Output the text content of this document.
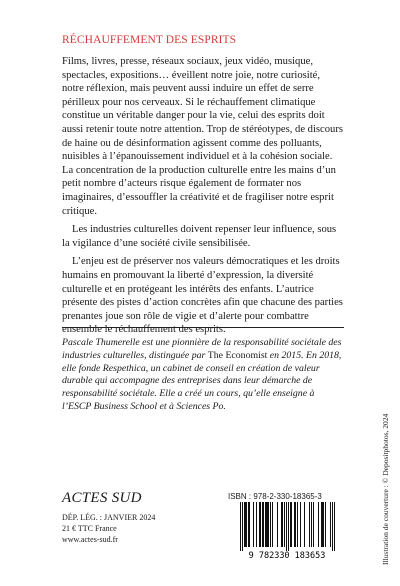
RÉCHAUFFEMENT DES ESPRITS

Films, livres, presse, réseaux sociaux, jeux vidéo, musique, spectacles, expositions… éveillent notre joie, notre curiosité, notre réflexion, mais peuvent aussi induire un effet de serre périlleux pour nos cerveaux. Si le réchauffement climatique constitue un véritable danger pour la vie, celui des esprits doit aussi retenir toute notre attention. Trop de stéréotypes, de discours de haine ou de désinformation agissent comme des polluants, nuisibles à l’épanouissement individuel et à la cohésion sociale. La concentration de la production culturelle entre les mains d’un petit nombre d’acteurs risque également de formater nos imaginaires, d’essouffler la créativité et de fragiliser notre esprit critique.

Les industries culturelles doivent repenser leur influence, sous la vigilance d’une société civile sensibilisée.

L’enjeu est de préserver nos valeurs démocratiques et les droits humains en promouvant la liberté d’expression, la diversité culturelle et en protégeant les intérêts des enfants. L’autrice présente des pistes d’action concrètes afin que chacune des parties prenantes joue son rôle de vigie et d’alerte pour combattre ensemble le réchauffement des esprits.

Pascale Thumerelle est une pionnière de la responsabilité sociétale des industries culturelles, distinguée par The Economist en 2015. En 2018, elle fonde Respethica, un cabinet de conseil en création de valeur durable qui accompagne des entreprises dans leur démarche de responsabilité sociétale. Elle a créé un cours, qu’elle enseigne à l’ESCP Business School et à Sciences Po.
ACTES SUD
DÉP. LÉG. : JANVIER 2024
21 € TTC France
www.actes-sud.fr
ISBN : 978-2-330-18365-3
9 782330 183653	Illustration de couverture : © Depositphotos, 2024
